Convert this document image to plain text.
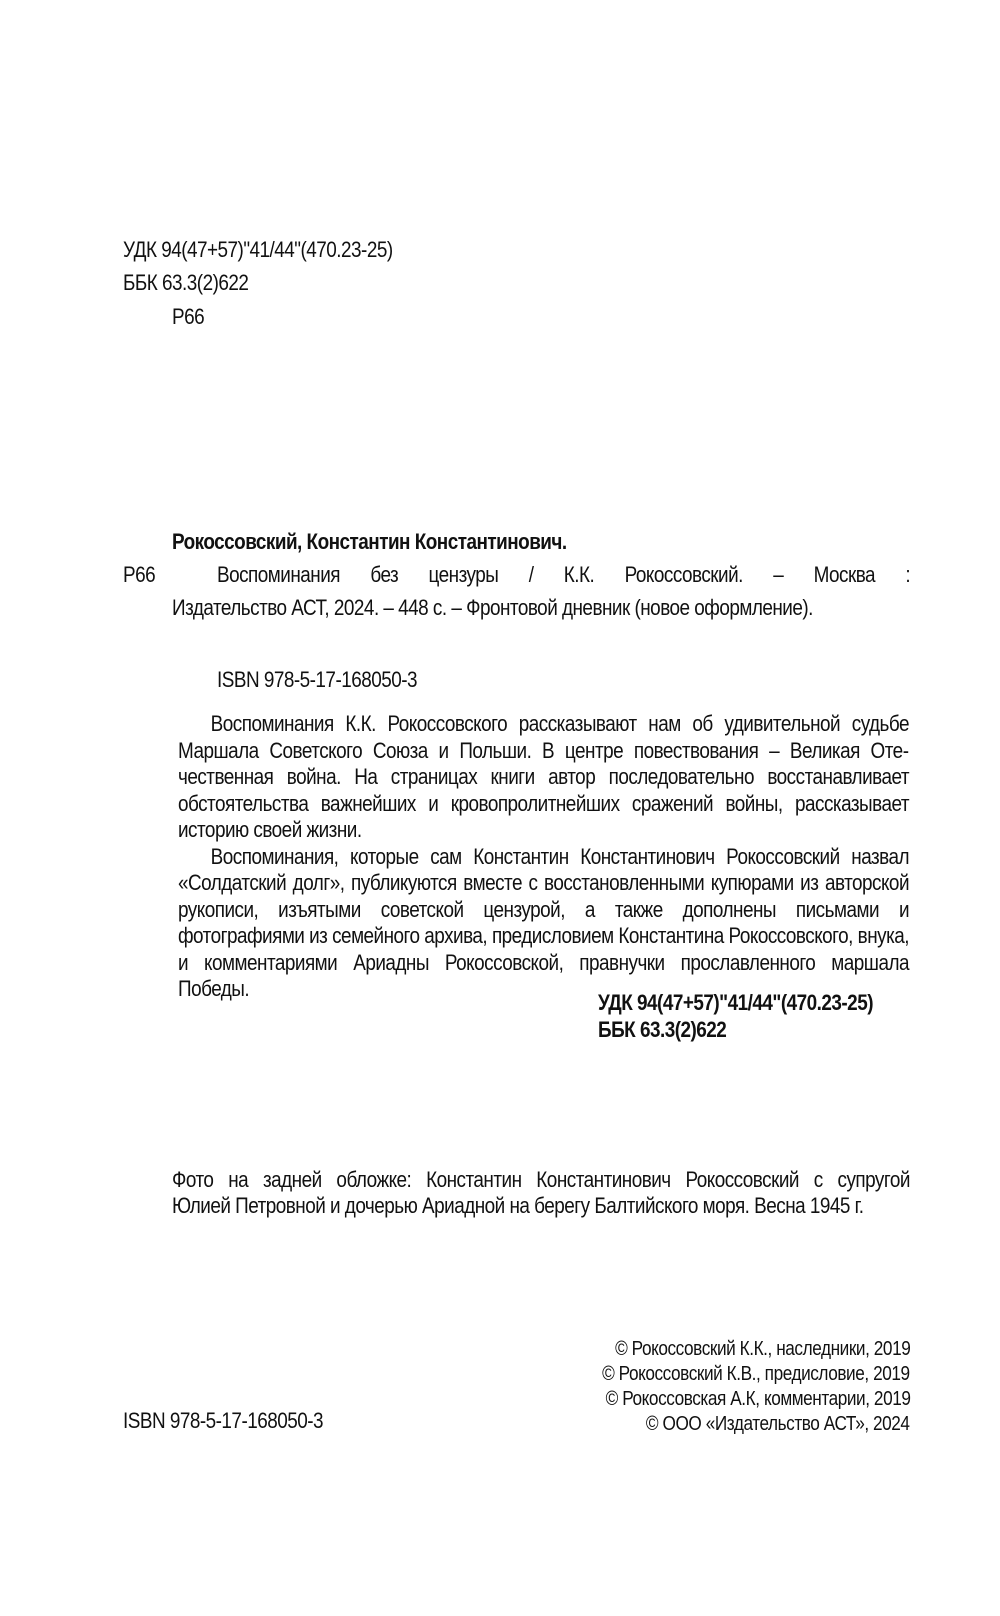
УДК 94(47+57)"41/44"(470.23-25)
ББК 63.3(2)622
Р66
Рокоссовский, Константин Константинович.
Р66	Воспоминания без цензуры / К.К. Рокоссовский. – Москва :
Издательство АСТ, 2024. – 448 с. – Фронтовой дневник (новое оформление).
ISBN 978-5-17-168050-3

Воспоминания К.К. Рокоссовского рассказывают нам об удивительной судьбе Маршала Советского Союза и Польши. В центре повествования – Великая Отечественная война. На страницах книги автор последовательно восстанавливает обстоятельства важнейших и кровопролитнейших сражений войны, рассказывает историю своей жизни.

Воспоминания, которые сам Константин Константинович Рокоссовский назвал «Солдатский долг», публикуются вместе с восстановленными купюрами из авторской рукописи, изъятыми советской цензурой, а также дополнены письмами и фотографиями из семейного архива, предисловием Константина Рокоссовского, внука, и комментариями Ариадны Рокоссовской, правнучки прославленного маршала Победы.

УДК 94(47+57)"41/44"(470.23-25)
ББК 63.3(2)622
Фото на задней обложке: Константин Константинович Рокоссовский с супругой
Юлией Петровной и дочерью Ариадной на берегу Балтийского моря. Весна 1945 г.
ISBN 978-5-17-168050-3
© Рокоссовский К.К., наследники, 2019
© Рокоссовский К.В., предисловие, 2019
© Рокоссовская А.К, комментарии, 2019
© ООО «Издательство АСТ», 2024
